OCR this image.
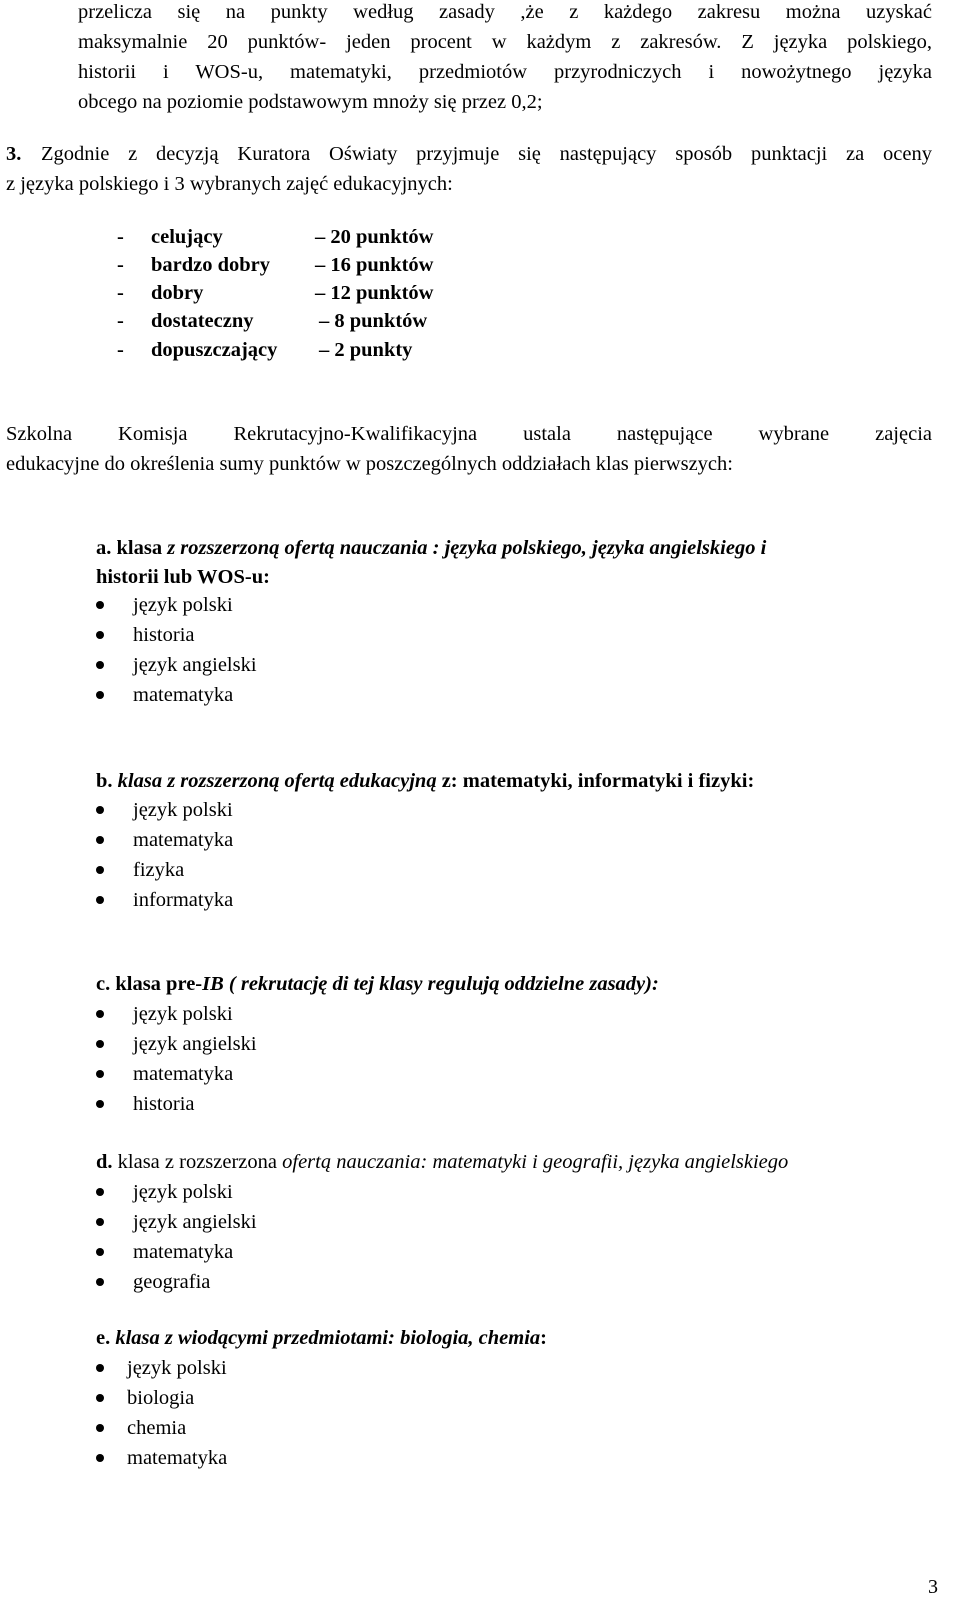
przelicza się na punkty według zasady ,że z każdego zakresu można uzyskać
maksymalnie 20 punktów- jeden procent w każdym z zakresów. Z języka polskiego,
historii i WOS-u, matematyki, przedmiotów przyrodniczych i nowożytnego języka
obcego na poziomie podstawowym mnoży się przez 0,2;
3. Zgodnie z decyzją Kuratora Oświaty przyjmuje się następujący sposób punktacji za oceny
z języka polskiego i 3 wybranych zajęć edukacyjnych:
- celujący	– 20 punktów
- bardzo dobry – 16 punktów
- dobry	– 12 punktów
- dostateczny	– 8 punktów
- dopuszczający – 2 punkty
Szkolna Komisja Rekrutacyjno-Kwalifikacyjna ustala następujące wybrane zajęcia
edukacyjne do określenia sumy punktów w poszczególnych oddziałach klas pierwszych:
a. klasa z rozszerzoną ofertą nauczania : języka polskiego, języka angielskiego i
historii lub WOS-u:
język polski
historia
język angielski
matematyka
b. klasa z rozszerzoną ofertą edukacyjną z: matematyki, informatyki i fizyki:
język polski
matematyka
fizyka
informatyka
c. klasa pre-IB ( rekrutację di tej klasy regulują oddzielne zasady):
język polski
język angielski
matematyka
historia
d. klasa z rozszerzona ofertą nauczania: matematyki i geografii, języka angielskiego
język polski
język angielski
matematyka
geografia
e. klasa z wiodącymi przedmiotami: biologia, chemia:
język polski
biologia
chemia
matematyka
3
